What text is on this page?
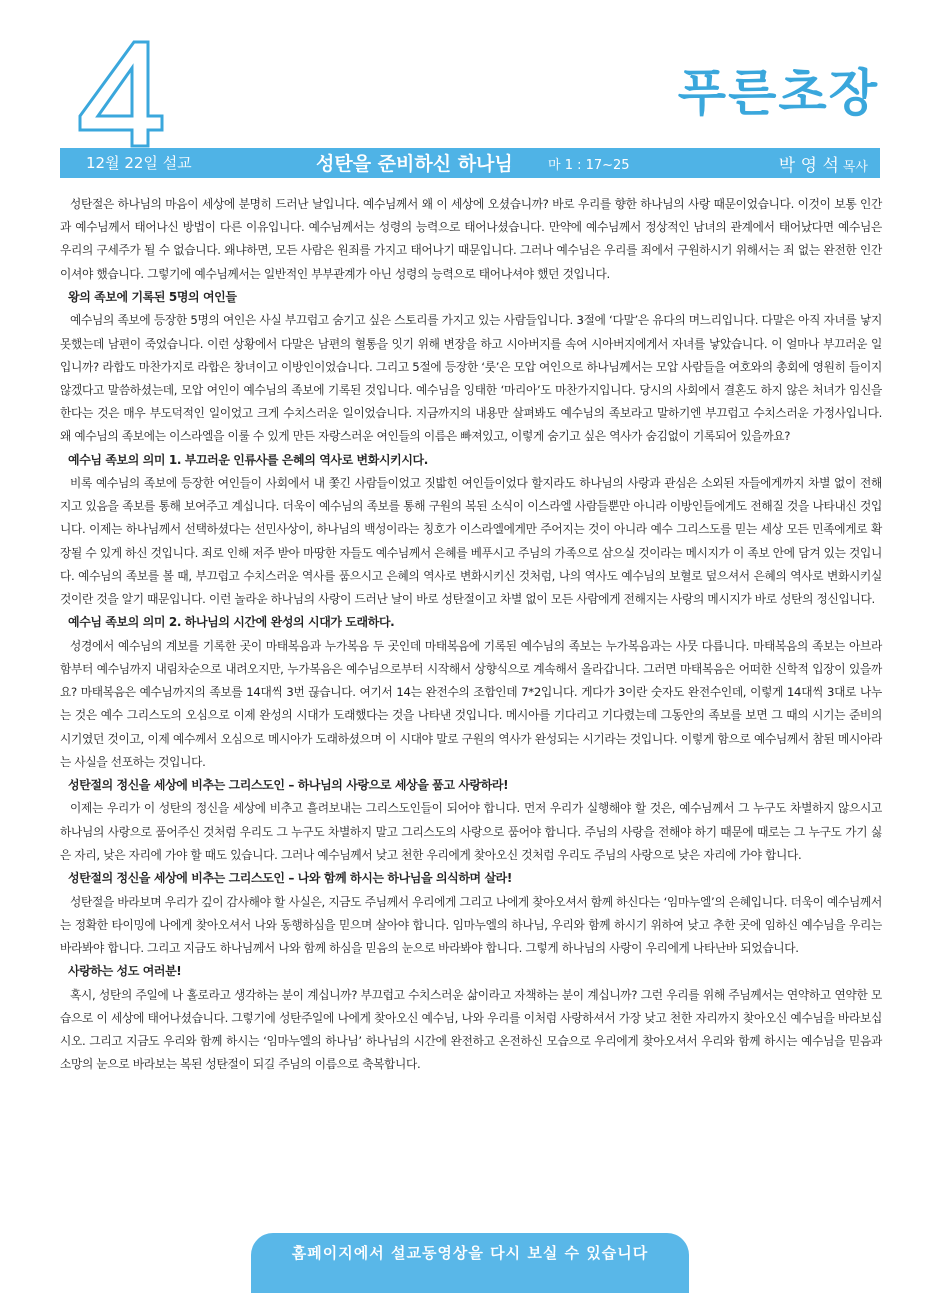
푸른초장
12월 22일 설교	성탄을 준비하신 하나님	마 1 : 17~25	박 영 석 목사

성탄절은 하나님의 마음이 세상에 분명히 드러난 날입니다. 예수님께서 왜 이 세상에 오셨습니까? 바로 우리를 향한 하나님의 사랑 때문이었습니다. 이것이 보통 인간과 예수님께서 태어나신 방법이 다른 이유입니다. 예수님께서는 성령의 능력으로 태어나셨습니다. 만약에 예수님께서 정상적인 남녀의 관계에서 태어났다면 예수님은 우리의 구세주가 될 수 없습니다. 왜냐하면, 모든 사람은 원죄를 가지고 태어나기 때문입니다. 그러나 예수님은 우리를 죄에서 구원하시기 위해서는 죄 없는 완전한 인간이셔야 했습니다. 그렇기에 예수님께서는 일반적인 부부관계가 아닌 성령의 능력으로 태어나셔야 했던 것입니다.

왕의 족보에 기록된 5명의 여인들

예수님의 족보에 등장한 5명의 여인은 사실 부끄럽고 숨기고 싶은 스토리를 가지고 있는 사람들입니다. 3절에 ‘다말’은 유다의 며느리입니다. 다말은 아직 자녀를 낳지 못했는데 남편이 죽었습니다. 이런 상황에서 다말은 남편의 혈통을 잇기 위해 변장을 하고 시아버지를 속여 시아버지에게서 자녀를 낳았습니다. 이 얼마나 부끄러운 일입니까? 라합도 마찬가지로 라합은 창녀이고 이방인이었습니다. 그리고 5절에 등장한 ‘룻’은 모압 여인으로 하나님께서는 모압 사람들을 여호와의 총회에 영원히 들이지 않겠다고 말씀하셨는데, 모압 여인이 예수님의 족보에 기록된 것입니다. 예수님을 잉태한 ‘마리아’도 마찬가지입니다. 당시의 사회에서 결혼도 하지 않은 처녀가 임신을 한다는 것은 매우 부도덕적인 일이었고 크게 수치스러운 일이었습니다. 지금까지의 내용만 살펴봐도 예수님의 족보라고 말하기엔 부끄럽고 수치스러운 가정사입니다. 왜 예수님의 족보에는 이스라엘을 이룰 수 있게 만든 자랑스러운 여인들의 이름은 빠져있고, 이렇게 숨기고 싶은 역사가 숨김없이 기록되어 있을까요?

예수님 족보의 의미 1. 부끄러운 인류사를 은혜의 역사로 변화시키시다.

비록 예수님의 족보에 등장한 여인들이 사회에서 내 쫓긴 사람들이었고 짓밟힌 여인들이었다 할지라도 하나님의 사랑과 관심은 소외된 자들에게까지 차별 없이 전해지고 있음을 족보를 통해 보여주고 계십니다. 더욱이 예수님의 족보를 통해 구원의 복된 소식이 이스라엘 사람들뿐만 아니라 이방인들에게도 전해질 것을 나타내신 것입니다. 이제는 하나님께서 선택하셨다는 선민사상이, 하나님의 백성이라는 칭호가 이스라엘에게만 주어지는 것이 아니라 예수 그리스도를 믿는 세상 모든 민족에게로 확장될 수 있게 하신 것입니다. 죄로 인해 저주 받아 마땅한 자들도 예수님께서 은혜를 베푸시고 주님의 가족으로 삼으실 것이라는 메시지가 이 족보 안에 담겨 있는 것입니다. 예수님의 족보를 볼 때, 부끄럽고 수치스러운 역사를 품으시고 은혜의 역사로 변화시키신 것처럼, 나의 역사도 예수님의 보혈로 덮으셔서 은혜의 역사로 변화시키실 것이란 것을 알기 때문입니다. 이런 놀라운 하나님의 사랑이 드러난 날이 바로 성탄절이고 차별 없이 모든 사람에게 전해지는 사랑의 메시지가 바로 성탄의 정신입니다.

예수님 족보의 의미 2. 하나님의 시간에 완성의 시대가 도래하다.

성경에서 예수님의 계보를 기록한 곳이 마태복음과 누가복음 두 곳인데 마태복음에 기록된 예수님의 족보는 누가복음과는 사뭇 다릅니다. 마태복음의 족보는 아브라함부터 예수님까지 내림차순으로 내려오지만, 누가복음은 예수님으로부터 시작해서 상향식으로 계속해서 올라갑니다. 그러면 마태복음은 어떠한 신학적 입장이 있을까요? 마태복음은 예수님까지의 족보를 14대씩 3번 끊습니다. 여기서 14는 완전수의 조합인데 7*2입니다. 게다가 3이란 숫자도 완전수인데, 이렇게 14대씩 3대로 나누는 것은 예수 그리스도의 오심으로 이제 완성의 시대가 도래했다는 것을 나타낸 것입니다. 메시아를 기다리고 기다렸는데 그동안의 족보를 보면 그 때의 시기는 준비의 시기였던 것이고, 이제 예수께서 오심으로 메시아가 도래하셨으며 이 시대야 말로 구원의 역사가 완성되는 시기라는 것입니다. 이렇게 함으로 예수님께서 참된 메시아라는 사실을 선포하는 것입니다.

성탄절의 정신을 세상에 비추는 그리스도인 – 하나님의 사랑으로 세상을 품고 사랑하라!

이제는 우리가 이 성탄의 정신을 세상에 비추고 흘려보내는 그리스도인들이 되어야 합니다. 먼저 우리가 실행해야 할 것은, 예수님께서 그 누구도 차별하지 않으시고 하나님의 사랑으로 품어주신 것처럼 우리도 그 누구도 차별하지 말고 그리스도의 사랑으로 품어야 합니다. 주님의 사랑을 전해야 하기 때문에 때로는 그 누구도 가기 싫은 자리, 낮은 자리에 가야 할 때도 있습니다. 그러나 예수님께서 낮고 천한 우리에게 찾아오신 것처럼 우리도 주님의 사랑으로 낮은 자리에 가야 합니다.

성탄절의 정신을 세상에 비추는 그리스도인 – 나와 함께 하시는 하나님을 의식하며 살라!

성탄절을 바라보며 우리가 깊이 감사해야 할 사실은, 지금도 주님께서 우리에게 그리고 나에게 찾아오셔서 함께 하신다는 ‘임마누엘’의 은혜입니다. 더욱이 예수님께서는 정확한 타이밍에 나에게 찾아오셔서 나와 동행하심을 믿으며 살아야 합니다. 임마누엘의 하나님, 우리와 함께 하시기 위하여 낮고 추한 곳에 임하신 예수님을 우리는 바라봐야 합니다. 그리고 지금도 하나님께서 나와 함께 하심을 믿음의 눈으로 바라봐야 합니다. 그렇게 하나님의 사랑이 우리에게 나타난바 되었습니다.

사랑하는 성도 여러분!

혹시, 성탄의 주일에 나 홀로라고 생각하는 분이 계십니까? 부끄럽고 수치스러운 삶이라고 자책하는 분이 계십니까? 그런 우리를 위해 주님께서는 연약하고 연약한 모습으로 이 세상에 태어나셨습니다. 그렇기에 성탄주일에 나에게 찾아오신 예수님, 나와 우리를 이처럼 사랑하셔서 가장 낮고 천한 자리까지 찾아오신 예수님을 바라보십시오. 그리고 지금도 우리와 함께 하시는 ‘임마누엘의 하나님’ 하나님의 시간에 완전하고 온전하신 모습으로 우리에게 찾아오셔서 우리와 함께 하시는 예수님을 믿음과 소망의 눈으로 바라보는 복된 성탄절이 되길 주님의 이름으로 축복합니다.

홈페이지에서 설교동영상을 다시 보실 수 있습니다
